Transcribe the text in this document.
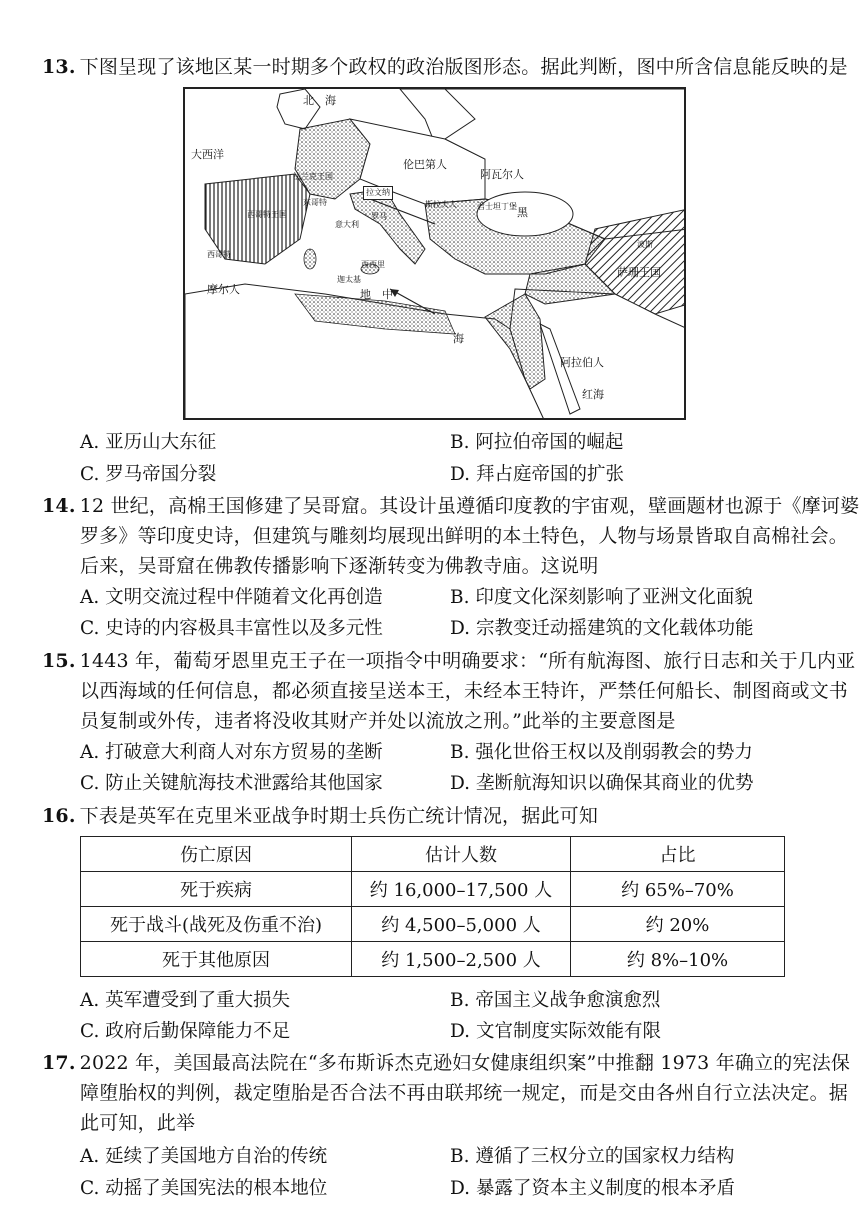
13. 下图呈现了该地区某一时期多个政权的政治版图形态。据此判断，图中所含信息能反映的是
北　海
大西洋
伦巴第人
阿瓦尔人
法兰克王国
拉文纳
意大利
斯拉夫人
西哥特王国
萨珊王国
摩尔人
阿拉伯人
地　中
海
红海
迦太基
罗马
君士坦丁堡
西西里
东哥特
西哥特
黑
波斯
A. 亚历山大东征	B. 阿拉伯帝国的崛起
C. 罗马帝国分裂	D. 拜占庭帝国的扩张
14. 12 世纪，高棉王国修建了吴哥窟。其设计虽遵循印度教的宇宙观，壁画题材也源于《摩诃婆
罗多》等印度史诗，但建筑与雕刻均展现出鲜明的本土特色，人物与场景皆取自高棉社会。
后来，吴哥窟在佛教传播影响下逐渐转变为佛教寺庙。这说明
A. 文明交流过程中伴随着文化再创造	B. 印度文化深刻影响了亚洲文化面貌
C. 史诗的内容极具丰富性以及多元性	D. 宗教变迁动摇建筑的文化载体功能
15. 1443 年，葡萄牙恩里克王子在一项指令中明确要求：“所有航海图、旅行日志和关于几内亚
以西海域的任何信息，都必须直接呈送本王，未经本王特许，严禁任何船长、制图商或文书
员复制或外传，违者将没收其财产并处以流放之刑。”此举的主要意图是
A. 打破意大利商人对东方贸易的垄断	B. 强化世俗王权以及削弱教会的势力
C. 防止关键航海技术泄露给其他国家	D. 垄断航海知识以确保其商业的优势
16. 下表是英军在克里米亚战争时期士兵伤亡统计情况，据此可知
伤亡原因	估计人数	占比
死于疾病	约 16,000–17,500 人	约 65%–70%
死于战斗(战死及伤重不治)	约 4,500–5,000 人	约 20%
死于其他原因	约 1,500–2,500 人	约 8%–10%
A. 英军遭受到了重大损失	B. 帝国主义战争愈演愈烈
C. 政府后勤保障能力不足	D. 文官制度实际效能有限
17. 2022 年，美国最高法院在“多布斯诉杰克逊妇女健康组织案”中推翻 1973 年确立的宪法保
障堕胎权的判例，裁定堕胎是否合法不再由联邦统一规定，而是交由各州自行立法决定。据
此可知，此举
A. 延续了美国地方自治的传统	B. 遵循了三权分立的国家权力结构
C. 动摇了美国宪法的根本地位	D. 暴露了资本主义制度的根本矛盾
